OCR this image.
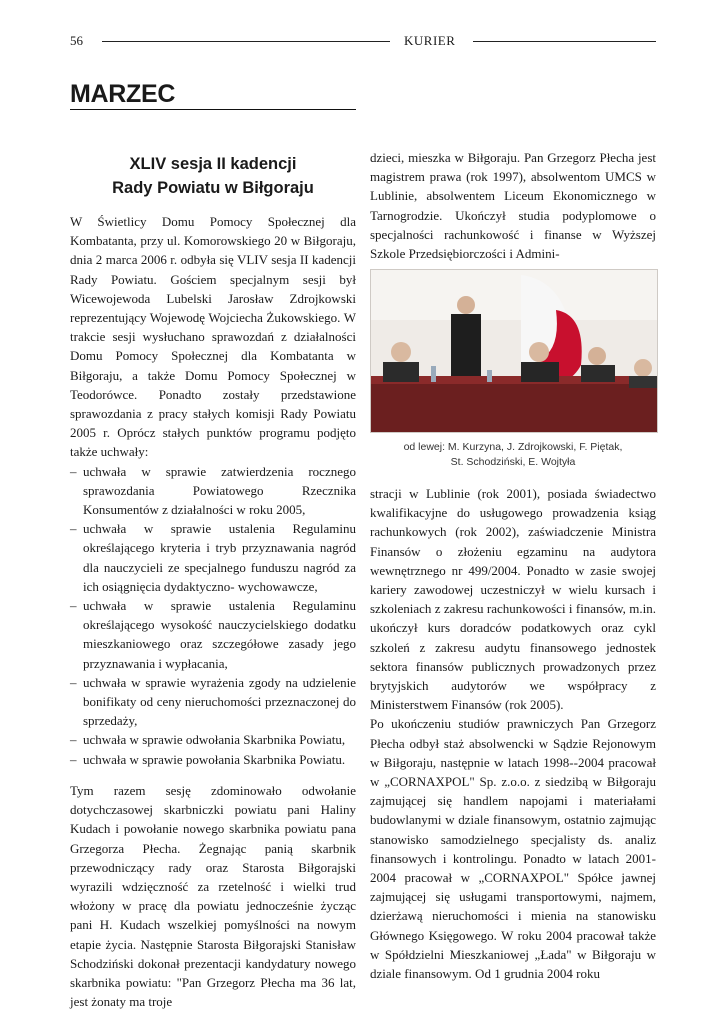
56	KURIER
MARZEC
XLIV sesja II kadencji
Rady Powiatu w Biłgoraju

W Świetlicy Domu Pomocy Społecznej dla Kombatanta, przy ul. Komorowskiego 20 w Biłgoraju, dnia 2 marca 2006 r. odbyła się VLIV sesja II kadencji Rady Powiatu. Gościem specjalnym sesji był Wicewojewoda Lubelski Jarosław Zdrojkowski reprezentujący Wojewodę Wojciecha Żukowskiego. W trakcie sesji wysłuchano sprawozdań z działalności Domu Pomocy Społecznej dla Kombatanta w Biłgoraju, a także Domu Pomocy Społecznej w Teodorówce. Ponadto zostały przedstawione sprawozdania z pracy stałych komisji Rady Powiatu 2005 r. Oprócz stałych punktów programu podjęto także uchwały:

– uchwała w sprawie zatwierdzenia rocznego sprawozdania Powiatowego Rzecznika Konsumentów z działalności w roku 2005,
– uchwała w sprawie ustalenia Regulaminu określającego kryteria i tryb przyznawania nagród dla nauczycieli ze specjalnego funduszu nagród za ich osiągnięcia dydaktyczno- wychowawcze,
– uchwała w sprawie ustalenia Regulaminu określającego wysokość nauczycielskiego dodatku mieszkaniowego oraz szczegółowe zasady jego przyznawania i wypłacania,
– uchwała w sprawie wyrażenia zgody na udzielenie bonifikaty od ceny nieruchomości przeznaczonej do sprzedaży,
– uchwała w sprawie odwołania Skarbnika Powiatu,
– uchwała w sprawie powołania Skarbnika Powiatu.

Tym razem sesję zdominowało odwołanie dotychczasowej skarbniczki powiatu pani Haliny Kudach i powołanie nowego skarbnika powiatu pana Grzegorza Płecha. Żegnając panią skarbnik przewodniczący rady oraz Starosta Biłgorajski wyrazili wdzięczność za rzetelność i wielki trud włożony w pracę dla powiatu jednocześnie życząc pani H. Kudach wszelkiej pomyślności na nowym etapie życia. Następnie Starosta Biłgorajski Stanisław Schodziński dokonał prezentacji kandydatury nowego skarbnika powiatu: "Pan Grzegorz Płecha ma 36 lat, jest żonaty ma troje

dzieci, mieszka w Biłgoraju. Pan Grzegorz Płecha jest magistrem prawa (rok 1997), absolwentom UMCS w Lublinie, absolwentem Liceum Ekonomicznego w Tarnogrodzie. Ukończył studia podyplomowe o specjalności rachunkowość i finanse w Wyższej Szkole Przedsiębiorczości i Admini-

od lewej: M. Kurzyna, J. Zdrojkowski, F. Piętak,
St. Schodziński, E. Wojtyła

stracji w Lublinie (rok 2001), posiada świadectwo kwalifikacyjne do usługowego prowadzenia ksiąg rachunkowych (rok 2002), zaświadczenie Ministra Finansów o złożeniu egzaminu na audytora wewnętrznego nr 499/2004. Ponadto w zasie swojej kariery zawodowej uczestniczył w wielu kursach i szkoleniach z zakresu rachunkowości i finansów, m.in. ukończył kurs doradców podatkowych oraz cykl szkoleń z zakresu audytu finansowego jednostek sektora finansów publicznych prowadzonych przez brytyjskich audytorów we współpracy z Ministerstwem Finansów (rok 2005).

Po ukończeniu studiów prawniczych Pan Grzegorz Płecha odbył staż absolwencki w Sądzie Rejonowym w Biłgoraju, następnie w latach 1998--2004 pracował w „CORNAXPOL" Sp. z.o.o. z siedzibą w Biłgoraju zajmującej się handlem napojami i materiałami budowlanymi w dziale finansowym, ostatnio zajmując stanowisko samodzielnego specjalisty ds. analiz finansowych i kontrolingu. Ponadto w latach 2001-2004 pracował w „CORNAXPOL" Spółce jawnej zajmującej się usługami transportowymi, najmem, dzierżawą nieruchomości i mienia na stanowisku Głównego Księgowego. W roku 2004 pracował także w Spółdzielni Mieszkaniowej „Łada" w Biłgoraju w dziale finansowym. Od 1 grudnia 2004 roku
